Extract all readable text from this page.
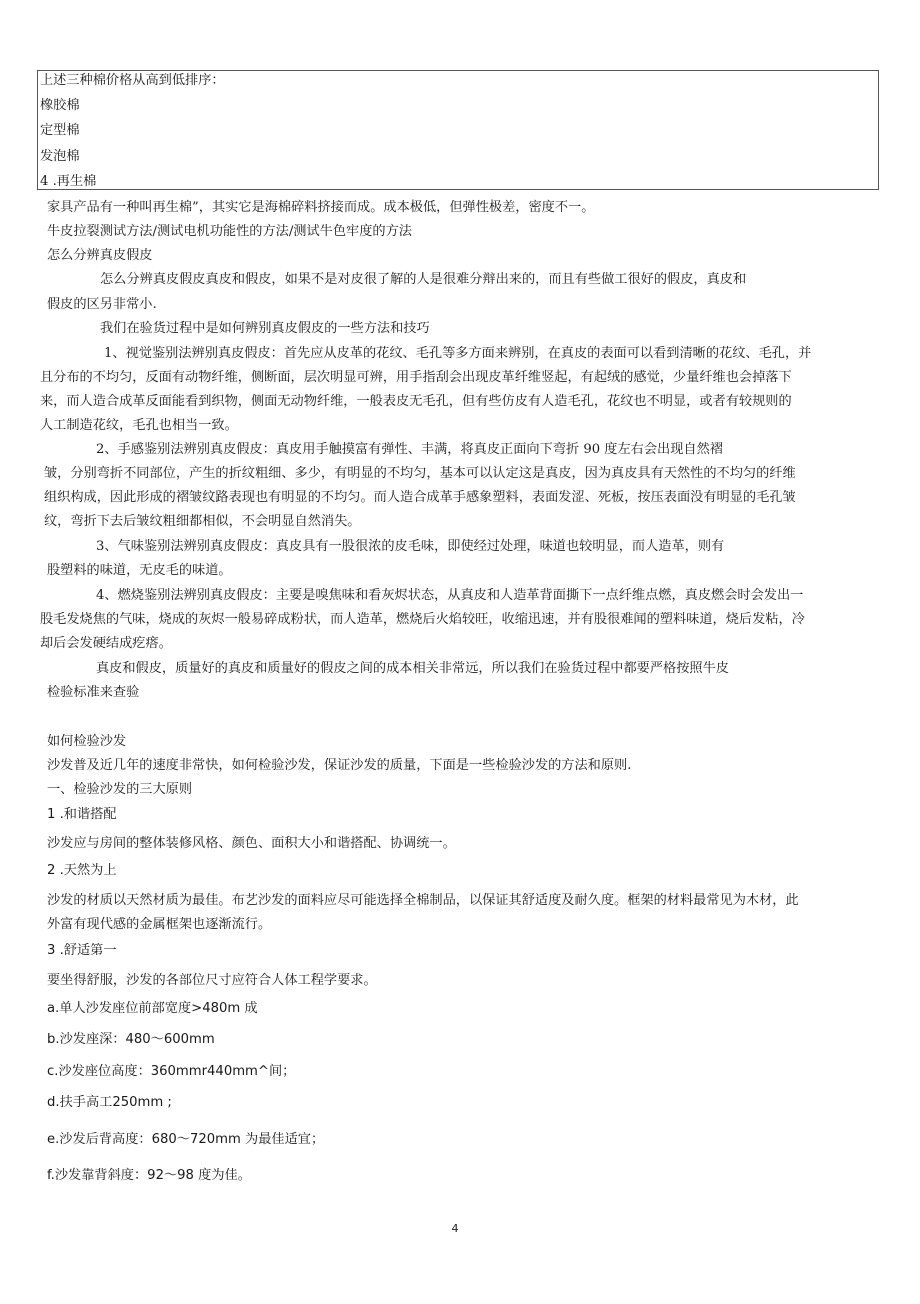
上述三种棉价格从高到低排序：
橡胶棉
定型棉
发泡棉
4 .再生棉
家具产品有一种叫再生棉”，其实它是海棉碎料挤接而成。成本极低，但弹性极差，密度不一。
牛皮拉裂测试方法/测试电机功能性的方法/测试牛色牢度的方法
怎么分辨真皮假皮
怎么分辨真皮假皮真皮和假皮，如果不是对皮很了解的人是很难分辩出来的，而且有些做工很好的假皮，真皮和
假皮的区另非常小.
我们在验货过程中是如何辨别真皮假皮的一些方法和技巧
1、视觉鉴别法辨别真皮假皮：首先应从皮革的花纹、毛孔等多方面来辨别，在真皮的表面可以看到清晰的花纹、毛孔，并
且分布的不均匀，反面有动物纤维，侧断面，层次明显可辨，用手指刮会出现皮革纤维竖起，有起绒的感觉，少量纤维也会掉落下
来，而人造合成革反面能看到织物，侧面无动物纤维，一般表皮无毛孔，但有些仿皮有人造毛孔，花纹也不明显，或者有较规则的
人工制造花纹，毛孔也相当一致。
2、手感鉴别法辨别真皮假皮：真皮用手触摸富有弹性、丰满，将真皮正面向下弯折 90 度左右会出现自然褶
皱，分别弯折不同部位，产生的折纹粗细、多少，有明显的不均匀，基本可以认定这是真皮，因为真皮具有天然性的不均匀的纤维
组织构成，因此形成的褶皱纹路表现也有明显的不均匀。而人造合成革手感象塑料，表面发涩、死板，按压表面没有明显的毛孔皱
纹，弯折下去后皱纹粗细都相似，不会明显自然消失。
3、气味鉴别法辨别真皮假皮：真皮具有一股很浓的皮毛味，即使经过处理，味道也较明显，而人造革，则有
股塑料的味道，无皮毛的味道。
4、燃烧鉴别法辨别真皮假皮：主要是嗅焦味和看灰烬状态，从真皮和人造革背面撕下一点纤维点燃，真皮燃会时会发出一
股毛发烧焦的气味，烧成的灰烬一般易碎成粉状，而人造革，燃烧后火焰较旺，收缩迅速，并有股很难闻的塑料味道，烧后发粘，冷
却后会发硬结成疙瘩。
真皮和假皮，质量好的真皮和质量好的假皮之间的成本相关非常远，所以我们在验货过程中都要严格按照牛皮
检验标准来查验
如何检验沙发
沙发普及近几年的速度非常快，如何检验沙发，保证沙发的质量，下面是一些检验沙发的方法和原则.
一、检验沙发的三大原则
1 .和谐搭配
沙发应与房间的整体装修风格、颜色、面积大小和谐搭配、协调统一。
2 .天然为上
沙发的材质以天然材质为最佳。布艺沙发的面料应尽可能选择全棉制品，以保证其舒适度及耐久度。框架的材料最常见为木材，此
外富有现代感的金属框架也逐渐流行。
3 .舒适第一
要坐得舒服，沙发的各部位尺寸应符合人体工程学要求。
a.单人沙发座位前部宽度>480m 成
b.沙发座深：480〜600mm
c.沙发座位高度：360mmr440mm^间；
d.扶手高工250mm ;
e.沙发后背高度：680〜720mm 为最佳适宜；
f.沙发靠背斜度：92〜98 度为佳。
4
